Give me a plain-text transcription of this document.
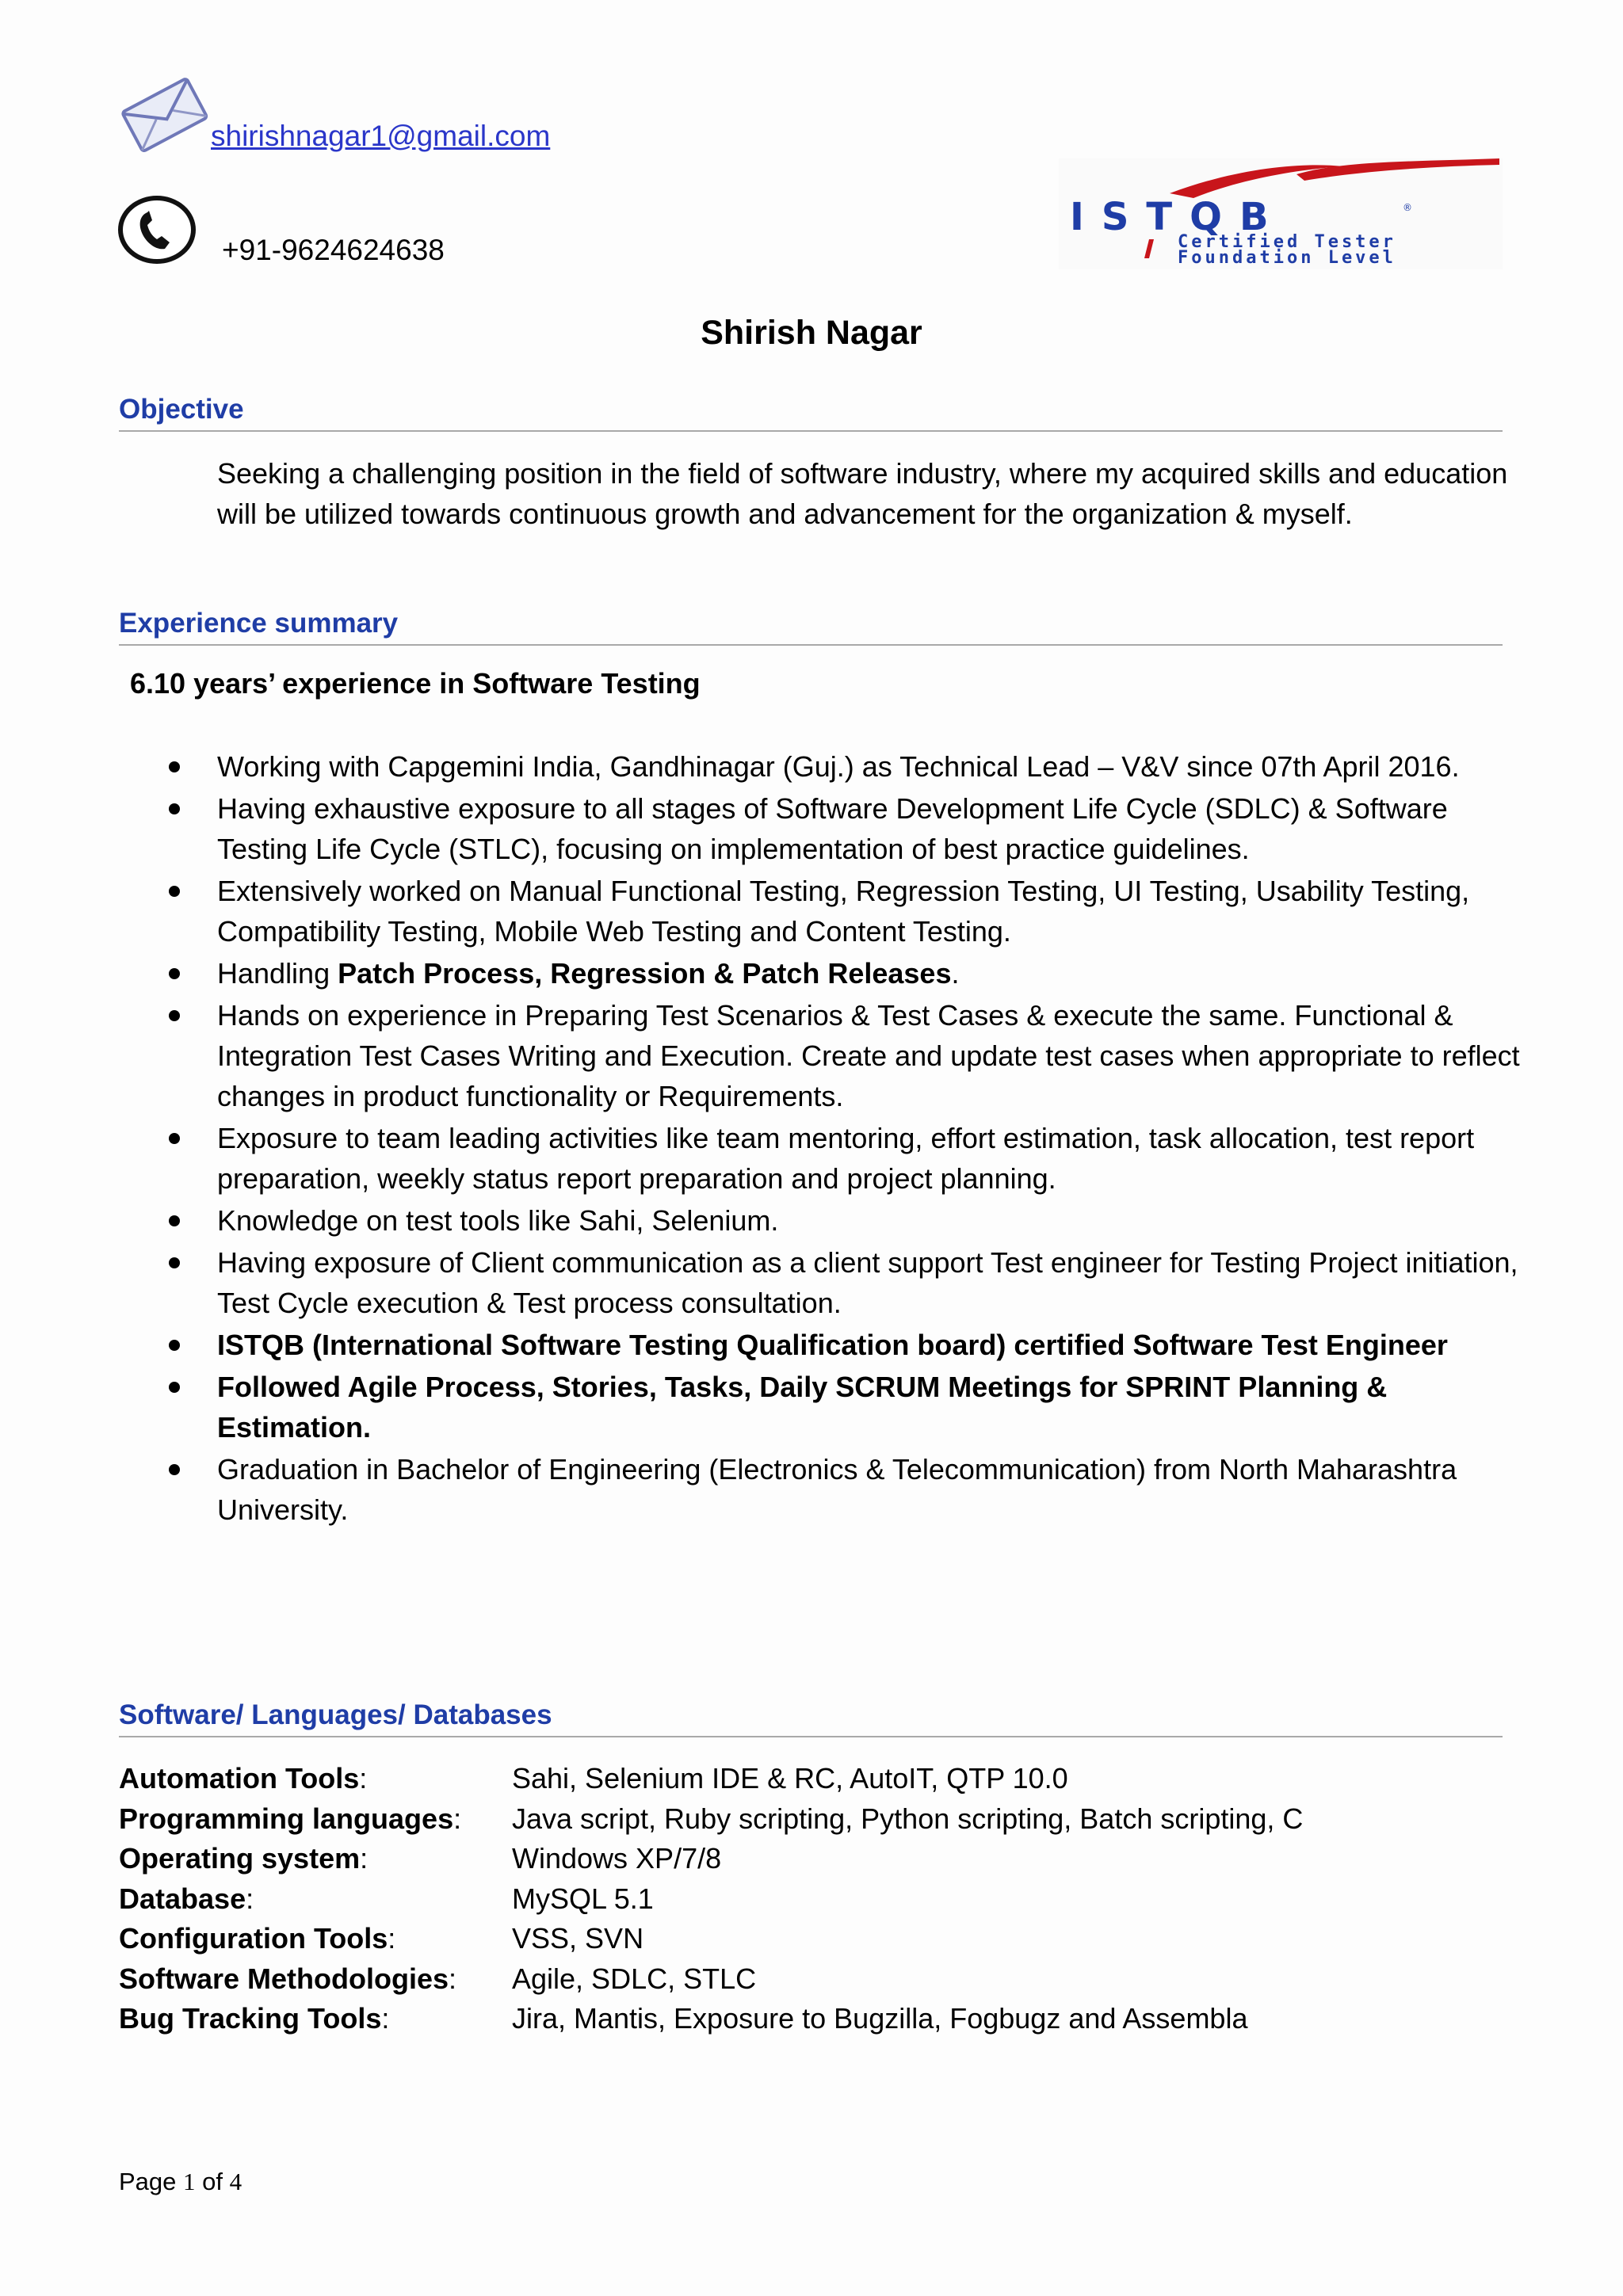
shirishnagar1@gmail.com
+91-9624624638
ISTQB	®
Certified Tester
Foundation Level
Shirish Nagar
Objective
Seeking a challenging position in the field of software industry, where my acquired skills and education will be utilized towards continuous growth and advancement for the organization & myself.
Experience summary
6.10 years’ experience in Software Testing
Working with Capgemini India, Gandhinagar (Guj.) as Technical Lead – V&V since 07th April 2016.
Having exhaustive exposure to all stages of Software Development Life Cycle (SDLC) & Software Testing Life Cycle (STLC), focusing on implementation of best practice guidelines.
Extensively worked on Manual Functional Testing, Regression Testing, UI Testing, Usability Testing, Compatibility Testing, Mobile Web Testing and Content Testing.
Handling Patch Process, Regression & Patch Releases.
Hands on experience in Preparing Test Scenarios & Test Cases & execute the same. Functional & Integration Test Cases Writing and Execution. Create and update test cases when appropriate to reflect changes in product functionality or Requirements.
Exposure to team leading activities like team mentoring, effort estimation, task allocation, test report preparation, weekly status report preparation and project planning.
Knowledge on test tools like Sahi, Selenium.
Having exposure of Client communication as a client support Test engineer for Testing Project initiation, Test Cycle execution & Test process consultation.
ISTQB (International Software Testing Qualification board) certified Software Test Engineer
Followed Agile Process, Stories, Tasks, Daily SCRUM Meetings for SPRINT Planning & Estimation.
Graduation in Bachelor of Engineering (Electronics & Telecommunication) from North Maharashtra University.
Software/ Languages/ Databases
Automation Tools:	Sahi, Selenium IDE & RC, AutoIT, QTP 10.0
Programming languages:	Java script, Ruby scripting, Python scripting, Batch scripting, C
Operating system:	Windows XP/7/8
Database:	MySQL 5.1
Configuration Tools:	VSS, SVN
Software Methodologies:	Agile, SDLC, STLC
Bug Tracking Tools:	Jira, Mantis, Exposure to Bugzilla, Fogbugz and Assembla
Page 1 of 4
